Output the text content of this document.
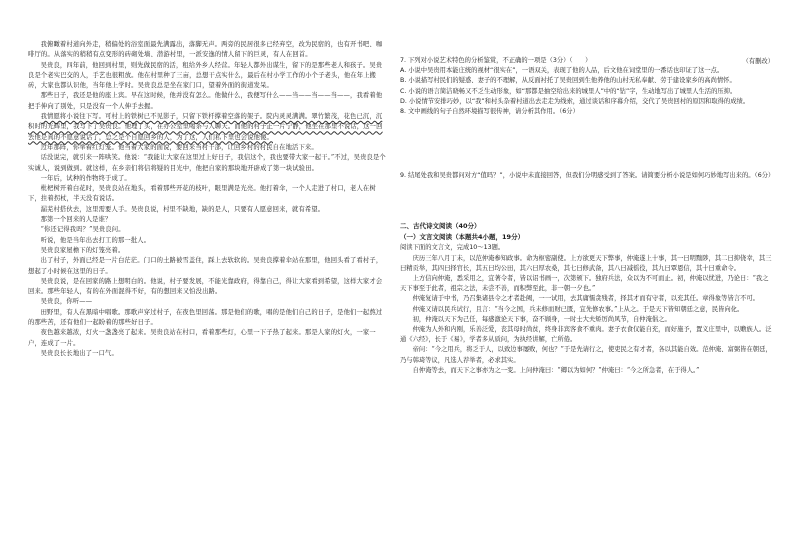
我俯瞰着村道向外走，稍偏处的浴室面最先满露出，落脚无声。两旁的民居很多已经弃空，改为民宿的，也有开书吧、咖啡厅的。从落实的稍稍有点变形的砖砌处墙、潜游村里，一派安逸的情人留下的巨灵，有人在回首。

吴贵良，四年前，他回到村里，则先做民宿的活，租给外乡人经营。年轻人都外出谋生，留下的是那些老人和孩子。吴贵良是个老实巴交的人，手艺也很粗放。他在村里种了三亩，总想干点实什么，最后在村小学工作的小个子老头，他在年上搬砖，大家也都认识他，当年他上学时。吴贵良总是坐在家门口，望着外面的街道发呆。

那些日子，我还是他的座上宾。早在这时候，他并没有怎么。他做什么，我便写什么——当——当——当——，我看着他把手伸向了别处，只是没有一个人伸手去握。

我情愿将小说往下写。可村上的铁树已不见影子，只留下铁杆撑着空落的架子。院内灵灵满满。翠竹繁茂，花色已沉，沉积时的光辉里，我写下了吴贵良。他理了头，在办公室里喝茶与人聊天。而他的村子正一片宁静，他坐在那里不说话，这一回去他是真的不愿意说话了，总之是个自愿回乡的人，为了这，人们私下里也会说他傻。

过年那阵，你举着红灯笼。他当着大家的面说，要回来当村干部，让回乡村的村民自在地活下来。

话没说完，就引来一阵哄笑。他说：“我能让大家在这里过上好日子，我信这个，我也要带大家一起干。”不过，吴贵良是个实诚人，说到做到。就这样，在乡亲们将信将疑的目光中，他把自家的那块地开辟成了第一块试验田。

一年后，试种的作物终于成了。

枇杷树开着白花时，吴贵良站在地头，看着那些开花的枝叶，眼里满是光亮。他打着伞，一个人走进了村口，老人在树下，拄着拐杖，半天没有说话。

漏芜村搭伙去，这里需要人手。吴贵良说，村里不缺地，缺的是人，只要有人愿意回来，就有希望。

那第一个回来的人是谁？

“你还记得我吗？”吴贵良问。

听说，他是当年出去打工的那一批人。

吴贵良家屋檐下的灯笼亮着。

出了村子，外面已经是一片白茫茫。门口的土路被雪盖住，踩上去软软的。吴贵良撑着伞站在那里，他回头看了看村子，想起了小时候在这里的日子。

吴贵良说，是在回家的路上想明白的。他说，村子要发展，不能光靠政府，得靠自己，得让大家看到希望，这样大家才会回来。那些年轻人，有的在外面混得不好，有的想回来又怕没出路。

吴贵良，你听——

田野里，有人在黑暗中唱歌。那歌声穿过村子，在夜色里回荡。那是他们的歌，唱的是他们自己的日子，是他们一起熬过的那些苦，还有他们一起盼着的那些好日子。

夜色越来越浓，灯火一盏盏亮了起来。吴贵良站在村口，看着那些灯，心里一下子热了起来。那是人家的灯火，一家一户，连成了一片。

吴贵良长长地出了一口气。

（有删改）

7. 下列对小说艺术特色的分析鉴赏，不正确的一项是（3分）（　　）

A. 小说中吴贵用本能庄统的视材“很实在”，一语双关，表现了他的人品，后文他在词堂里的一番话也印证了这一点。

B. 小说描写村民们的疑惑、妻子的不理解，从反面衬托了吴贵回到生他养他的山村无私奉献、劳于建设家乡的高尚情怀。

C. 小说的语言简洁晓畅又不乏生动形象，如“那都是抽空给出来的城里人”中的“钻”字，生动地写出了城里人生活的压抑。

D. 小说情节安排巧妙，以“我”和村头杂着村道出去走走为线索，通过谈话和序幕介绍，交代了吴贵回村的原因和取得的成绩。

8. 文中画线的句子自然环境描写很传神，请分析其作用。（6分）

9. 结尾处我和吴贵都问对方“值吗？”，小说中未直接回答，但我们分明感受到了答案。请简要分析小说是如何巧妙地写出来的。（6分）

二、古代诗文阅读（40分）

（一）文言文阅读（本题共4小题，19分）

阅读下面的文言文，完成10～13题。

庆历三年八月丁未，以范仲淹参知政事。命为枢密副使。上方欲更天下弊事，仲淹遂上十事，其一曰明黜陟，其二曰抑侥幸，其三曰精贡举，其四曰择官长，其五曰均公田，其六曰厚农桑，其七曰修武备，其八曰减徭役，其九曰覃恩信，其十曰重命令。

上方信向仲淹，悉采用之，宜著令者，皆以诏书画一，次第颁下。独府兵法，众以为不可而止。初，仲淹以忧进，乃论日：“我之天下事至于此者，祖宗之法，未尝不善，而积弊至此，非一朝一夕也。”

仲淹复请于中书，乃召集诸县令之才者赴阙，一一试用，去其庸懦贪残者，择其才而有守者，以充其任。章得象等皆言不可。

仲淹又请以民兵试行，且言：“当今之国，兵未修而财已匮，宜先修农事。”上从之。于是天下皆知朝廷之意，民皆向化。

初，仲淹以天下为己任，每感激论天下事，奋不顾身，一时士大夫矫厉尚风节，自仲淹倡之。

仲淹为人外和内刚，乐善泛爱，丧其母时尚贫，终身非宾客食不重肉。妻子衣食仅能自充，而好施予，置义庄里中，以赡族人。泛通《六经》，长于《易》，学者多从质问，为执经讲解，亡所倦。

帝问：“今之用兵，将乏于人，以致边事屡败，何也？”于是先请行之，使吏民之有才者，各以其能自效。范仲淹、富弼皆在朝廷，乃与韩琦等议，凡选人荐举者，必求其实。

自仲淹等去，而天下之事亦为之一变。上问仲淹曰：“卿以为如何？”仲淹曰：“今之所急者，在于得人。”
